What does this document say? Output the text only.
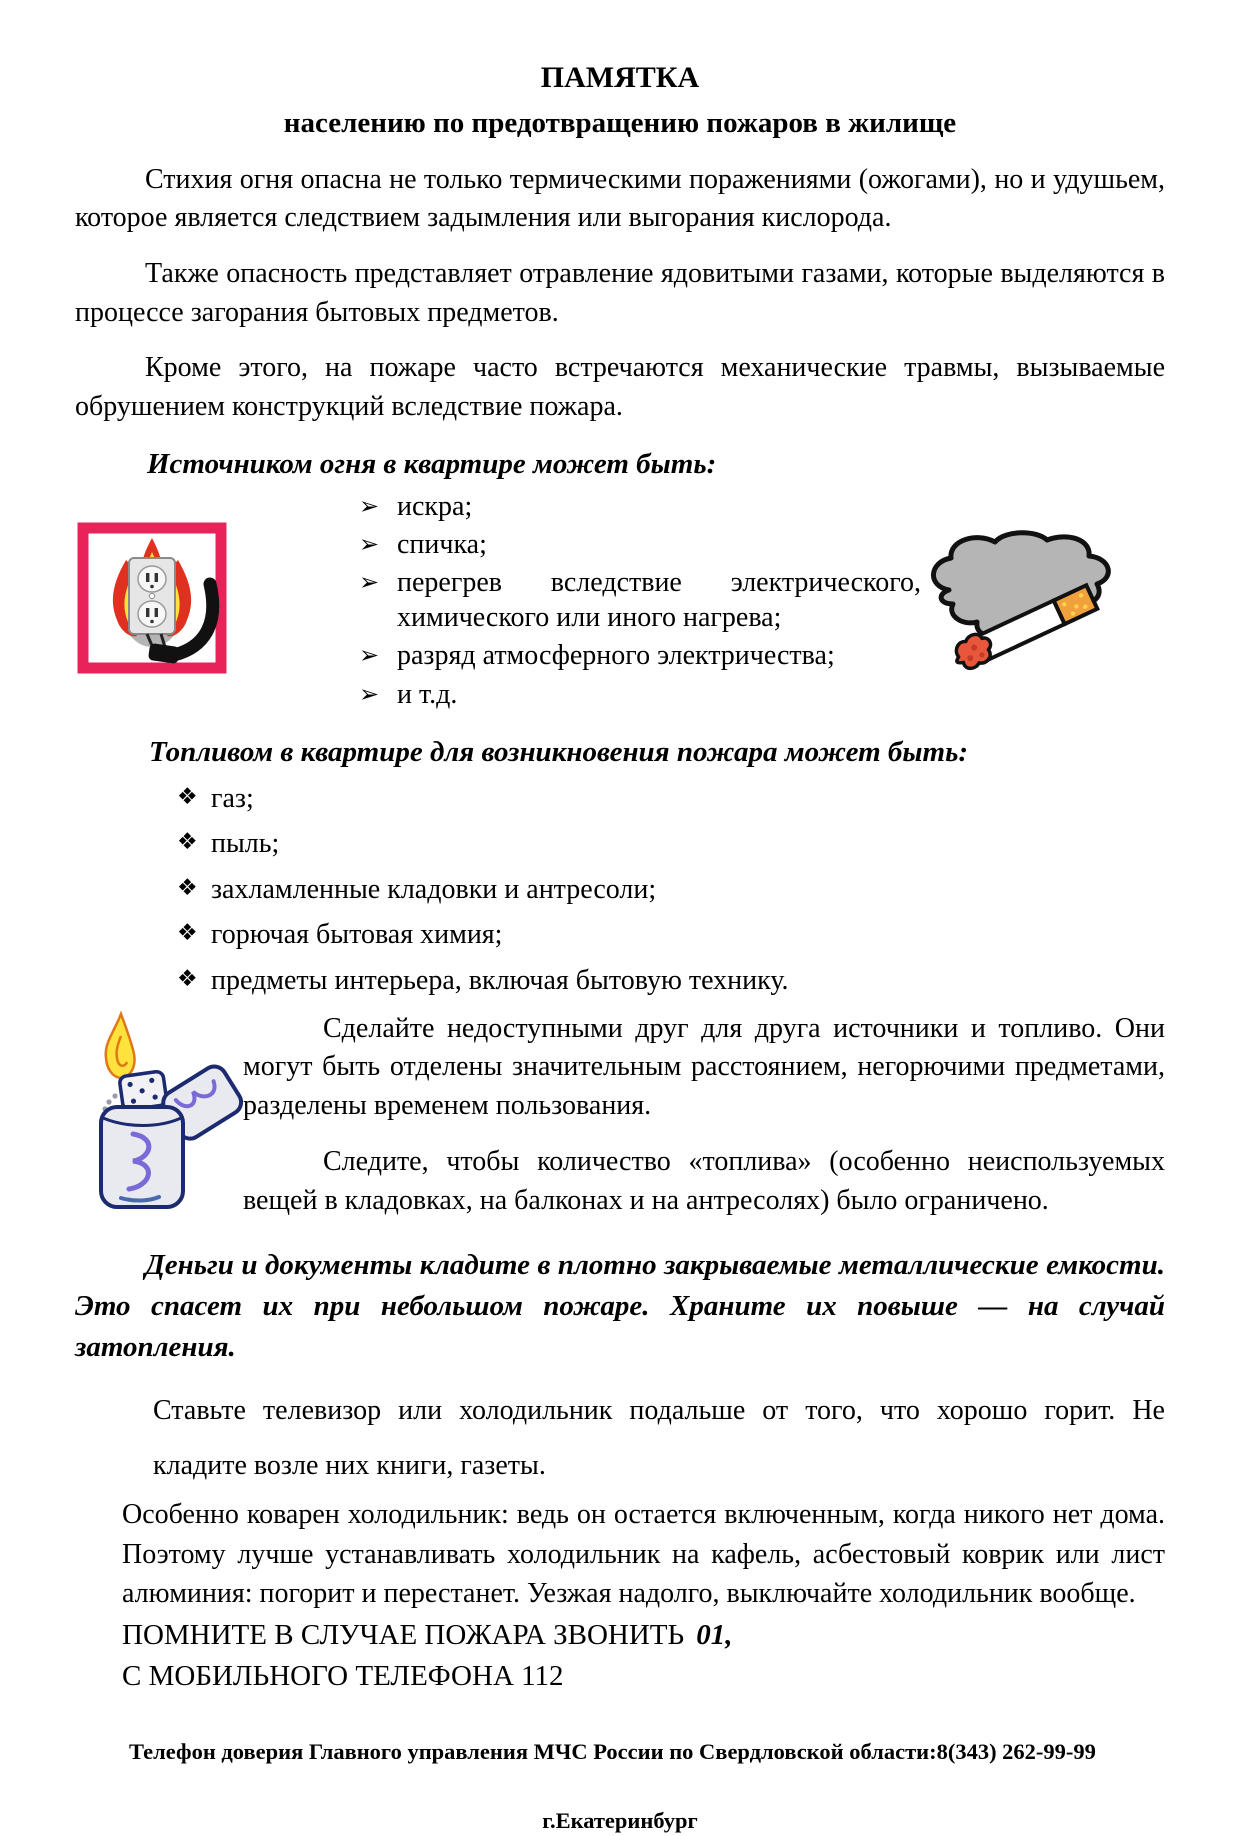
ПАМЯТКА
населению по предотвращению пожаров в жилище

Стихия огня опасна не только термическими поражениями (ожогами), но и удушьем, которое является следствием задымления или выгорания кислорода.

Также опасность представляет отравление ядовитыми газами, которые выделяются в процессе загорания бытовых предметов.

Кроме этого, на пожаре часто встречаются механические травмы, вызываемые обрушением конструкций вследствие пожара.

Источником огня в квартире может быть:
➢ искра;
➢ спичка;
➢ перегрев вследствие электрического, химического или иного нагрева;
➢ разряд атмосферного электричества;
➢ и т.д.
Топливом в квартире для возникновения пожара может быть:
❖ газ;
❖ пыль;
❖ захламленные кладовки и антресоли;
❖ горючая бытовая химия;
❖ предметы интерьера, включая бытовую технику.

Сделайте недоступными друг для друга источники и топливо. Они могут быть отделены значительным расстоянием, негорючими предметами, разделены временем пользования.

Следите, чтобы количество «топлива» (особенно неиспользуемых вещей в кладовках, на балконах и на антресолях) было ограничено.

Деньги и документы кладите в плотно закрываемые металлические емкости. Это спасет их при небольшом пожаре. Храните их повыше — на случай затопления.

Ставьте телевизор или холодильник подальше от того, что хорошо горит. Не кладите возле них книги, газеты.

Особенно коварен холодильник: ведь он остается включенным, когда никого нет дома. Поэтому лучше устанавливать холодильник на кафель, асбестовый коврик или лист алюминия: погорит и перестанет. Уезжая надолго, выключайте холодильник вообще.

ПОМНИТЕ В СЛУЧАЕ ПОЖАРА ЗВОНИТЬ 01,
С МОБИЛЬНОГО ТЕЛЕФОНА 112
Телефон доверия Главного управления МЧС России по Свердловской области:8(343) 262-99-99
г.Екатеринбург
